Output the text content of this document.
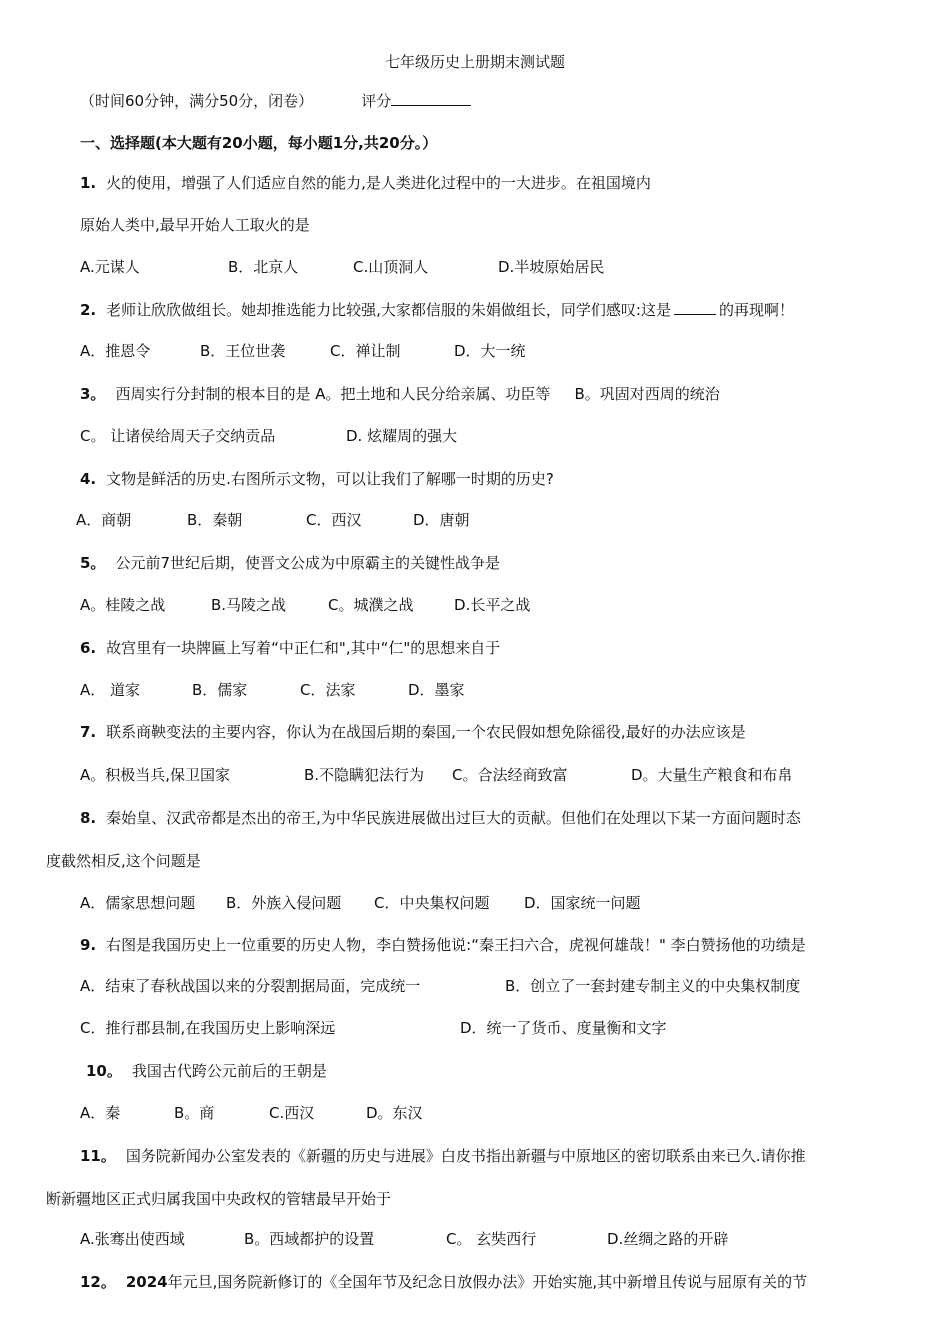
七年级历史上册期末测试题
（时间60分钟，满分50分，闭卷）	评分
一、选择题(本大题有20小题，每小题1分,共20分。）
1. 火的使用，增强了人们适应自然的能力,是人类进化过程中的一大进步。在祖国境内
原始人类中,最早开始人工取火的是
A.元谋人	B．北京人	C.山顶洞人	D.半坡原始居民
2. 老师让欣欣做组长。她却推选能力比较强,大家都信服的朱娟做组长，同学们感叹:这是	的再现啊！
A．推恩令	B．王位世袭	C．禅让制	D．大一统
3。 西周实行分封制的根本目的是 A。把土地和人民分给亲属、功臣等 B。巩固对西周的统治
C。 让诸侯给周天子交纳贡品	D. 炫耀周的强大
4. 文物是鲜活的历史.右图所示文物，可以让我们了解哪一时期的历史?
A．商朝	B．秦朝	C．西汉	D．唐朝
5。 公元前7世纪后期，使晋文公成为中原霸主的关键性战争是
A。桂陵之战	B.马陵之战	C。城濮之战	D.长平之战
6. 故宫里有一块牌匾上写着“中正仁和",其中“仁"的思想来自于
A． 道家	B．儒家	C．法家	D．墨家
7. 联系商鞅变法的主要内容，你认为在战国后期的秦国,一个农民假如想免除徭役,最好的办法应该是
A。积极当兵,保卫国家	B.不隐瞒犯法行为 C。合法经商致富	D。大量生产粮食和布帛
8. 秦始皇、汉武帝都是杰出的帝王,为中华民族进展做出过巨大的贡献。但他们在处理以下某一方面问题时态
度截然相反,这个问题是
A．儒家思想问题 B．外族入侵问题 C．中央集权问题 D．国家统一问题
9. 右图是我国历史上一位重要的历史人物，李白赞扬他说:“秦王扫六合，虎视何雄哉！" 李白赞扬他的功绩是
A．结束了春秋战国以来的分裂割据局面，完成统一	B．创立了一套封建专制主义的中央集权制度
C．推行郡县制,在我国历史上影响深远	D．统一了货币、度量衡和文字
10。 我国古代跨公元前后的王朝是
A．秦	B。商	C.西汉	D。东汉
11。 国务院新闻办公室发表的《新疆的历史与进展》白皮书指出新疆与中原地区的密切联系由来已久.请你推
断新疆地区正式归属我国中央政权的管辖最早开始于
A.张骞出使西域	B。西域都护的设置	C。 玄奘西行	D.丝绸之路的开辟
12。 2024年元旦,国务院新修订的《全国年节及纪念日放假办法》开始实施,其中新增且传说与屈原有关的节
